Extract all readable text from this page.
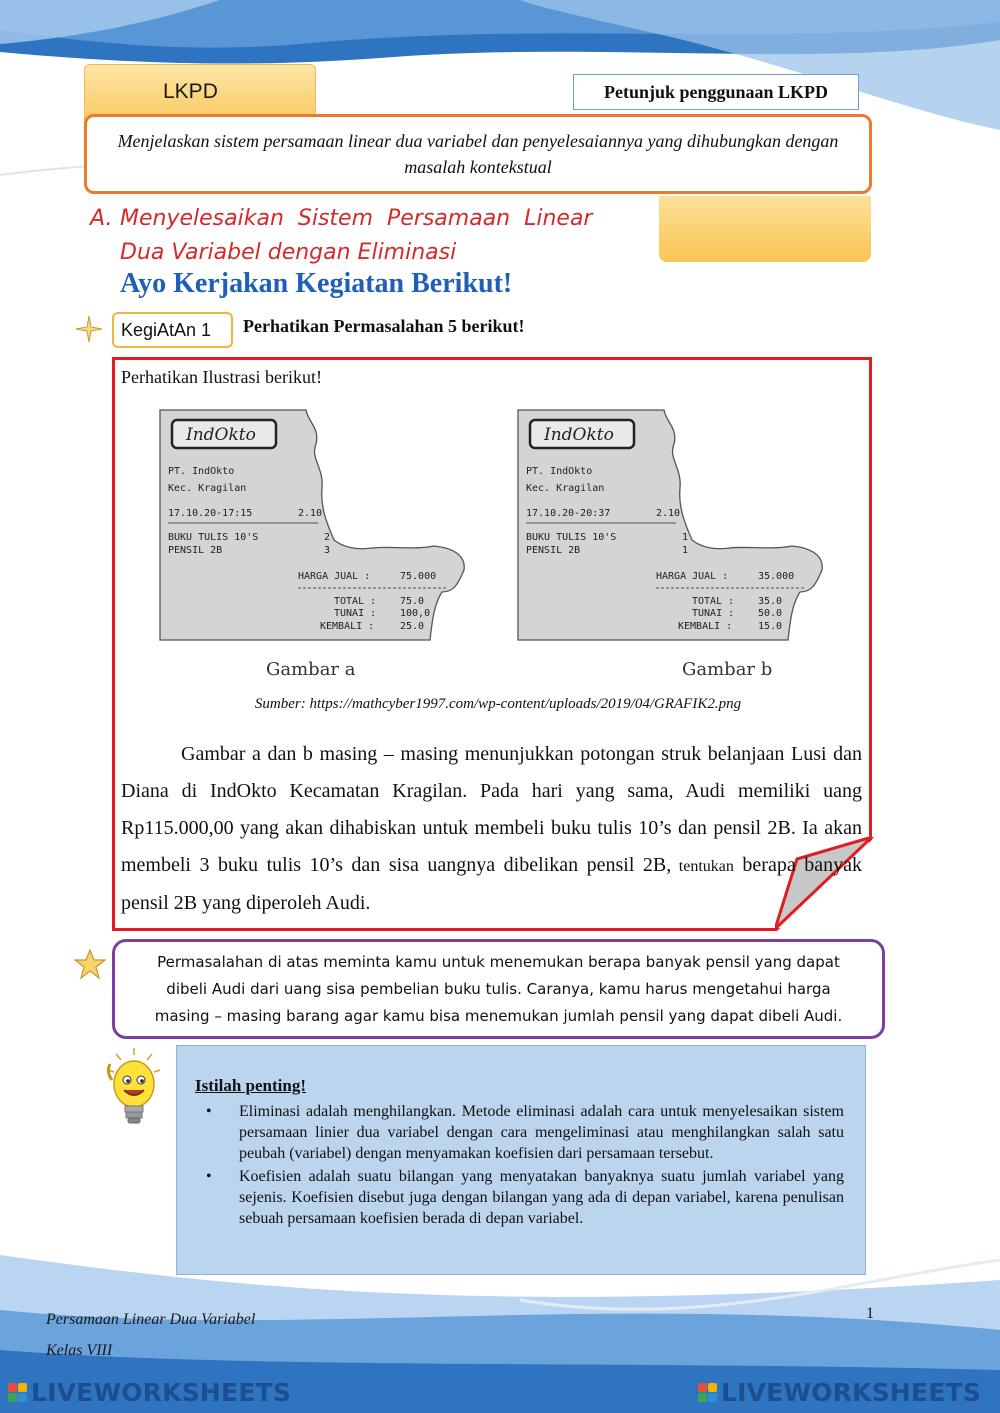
LKPD	Petunjuk penggunaan LKPD
Menjelaskan sistem persamaan linear dua variabel dan penyelesaiannya yang dihubungkan dengan masalah kontekstual
A. Menyelesaikan  Sistem  Persamaan  Linear
Dua Variabel dengan Eliminasi
Ayo Kerjakan Kegiatan Berikut!
KegiAtAn 1 Perhatikan Permasalahan 5 berikut!
Perhatikan Ilustrasi berikut!
IndOkto
PT. IndOkto
Kec. Kragilan
17.10.20-17:15	2.10
BUKU TULIS 10'S	2
PENSIL 2B	3
HARGA JUAL :	75.000
TOTAL : 75.0
TUNAI : 100,0
KEMBALI :	25.0
IndOkto
PT. IndOkto
Kec. Kragilan
17.10.20-20:37	2.10
BUKU TULIS 10'S	1
PENSIL 2B	1
HARGA JUAL :	35.000
TOTAL : 35.0
TUNAI : 50.0
KEMBALI :	15.0
Gambar a	Gambar b
Sumber: https://mathcyber1997.com/wp-content/uploads/2019/04/GRAFIK2.png
Gambar a dan b masing – masing menunjukkan potongan struk belanjaan Lusi dan Diana di IndOkto Kecamatan Kragilan. Pada hari yang sama, Audi memiliki uang Rp115.000,00 yang akan dihabiskan untuk membeli buku tulis 10’s dan pensil 2B. Ia akan membeli 3 buku tulis 10’s dan sisa uangnya dibelikan pensil 2B, tentukan berapa banyak pensil 2B yang diperoleh Audi.
Permasalahan di atas meminta kamu untuk menemukan berapa banyak pensil yang dapat dibeli Audi dari uang sisa pembelian buku tulis. Caranya, kamu harus mengetahui harga masing – masing barang agar kamu bisa menemukan jumlah pensil yang dapat dibeli Audi.
Istilah penting!
• Eliminasi adalah menghilangkan. Metode eliminasi adalah cara untuk menyelesaikan sistem persamaan linier dua variabel dengan cara mengeliminasi atau menghilangkan salah satu peubah (variabel) dengan menyamakan koefisien dari persamaan tersebut.
• Koefisien adalah suatu bilangan yang menyatakan banyaknya suatu jumlah variabel yang sejenis. Koefisien disebut juga dengan bilangan yang ada di depan variabel, karena penulisan sebuah persamaan koefisien berada di depan variabel.
Persamaan Linear Dua Variabel
Kelas VIII
1
LIVEWORKSHEETS	LIVEWORKSHEETS
